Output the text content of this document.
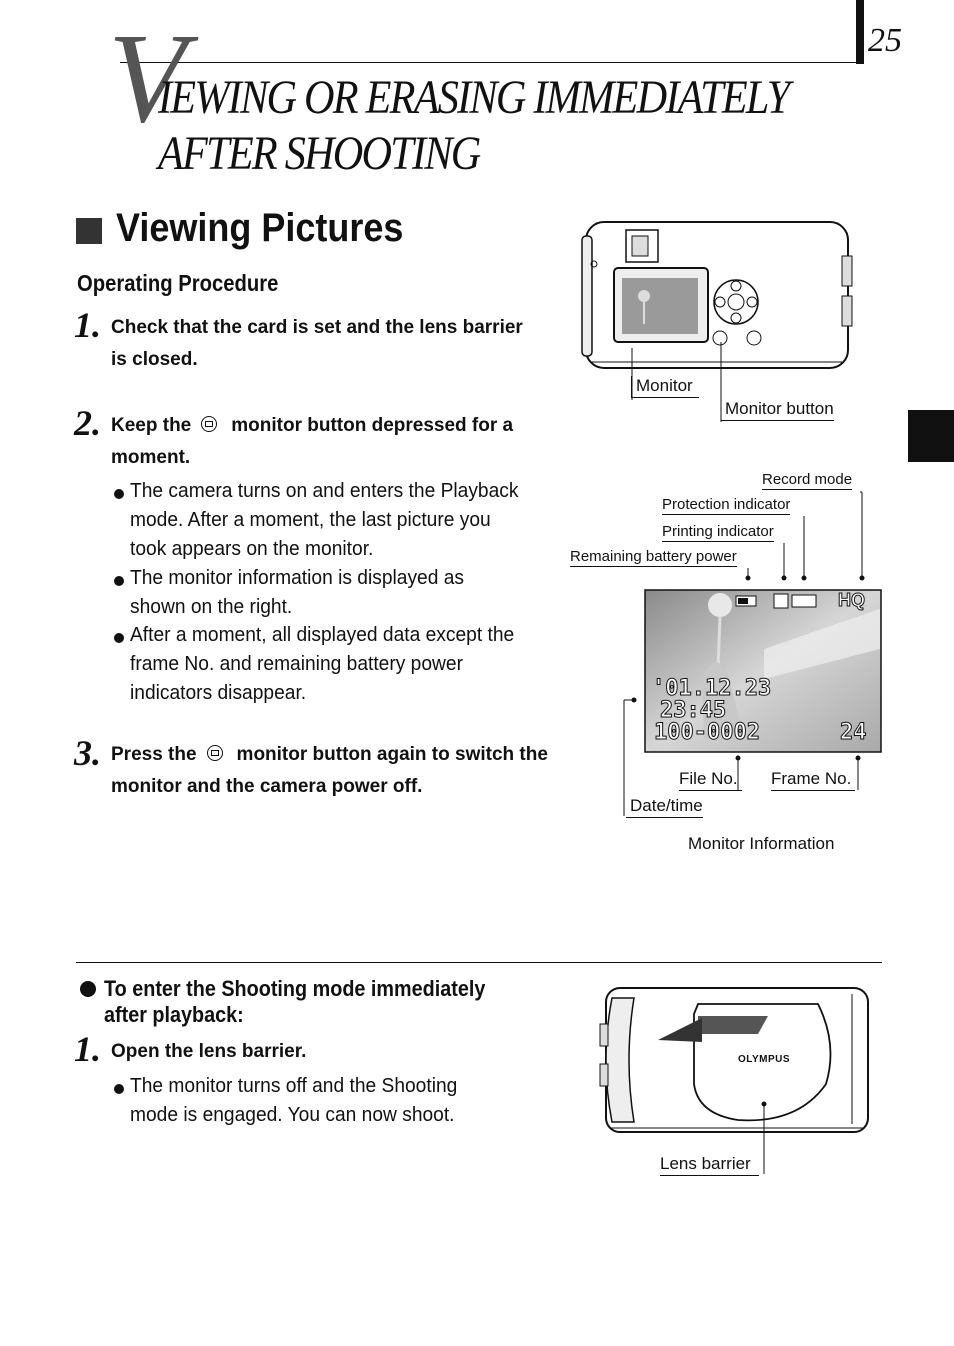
25
V
IEWING OR ERASING IMMEDIATELY
AFTER SHOOTING
Viewing Pictures
Operating Procedure
1. Check that the card is set and the lens barrier is closed.
2. Keep the monitor button depressed for a moment.
The camera turns on and enters the Playback mode. After a moment, the last picture you took appears on the monitor.
The monitor information is displayed as shown on the right.
After a moment, all displayed data except the frame No. and remaining battery power indicators disappear.
3. Press the monitor button again to switch the monitor and the camera power off.
Monitor
Monitor button
Record mode
Protection indicator
Printing indicator
Remaining battery power
HQ
'01.12.23
23:45
100-0002	24
File No. Frame No.
Date/time
Monitor Information
To enter the Shooting mode immediately after playback:
1. Open the lens barrier.
The monitor turns off and the Shooting mode is engaged. You can now shoot.
OLYMPUS
Lens barrier
